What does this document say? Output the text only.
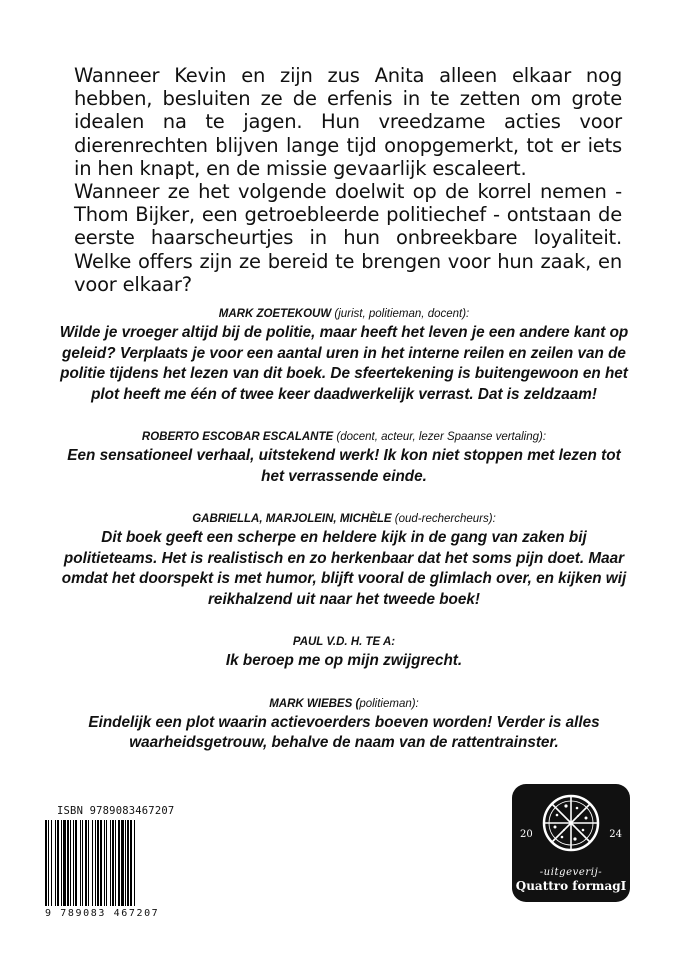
Wanneer Kevin en zijn zus Anita alleen elkaar nog hebben, besluiten ze de erfenis in te zetten om grote idealen na te jagen. Hun vreedzame acties voor dierenrechten blijven lange tijd onopgemerkt, tot er iets in hen knapt, en de missie gevaarlijk escaleert.

Wanneer ze het volgende doelwit op de korrel nemen - Thom Bijker, een getroebleerde politiechef - ontstaan de eerste haarscheurtjes in hun onbreekbare loyaliteit. Welke offers zijn ze bereid te brengen voor hun zaak, en voor elkaar?

MARK ZOETEKOUW (jurist, politieman, docent):
Wilde je vroeger altijd bij de politie, maar heeft het leven je een andere kant op geleid? Verplaats je voor een aantal uren in het interne reilen en zeilen van de politie tijdens het lezen van dit boek. De sfeertekening is buitengewoon en het plot heeft me één of twee keer daadwerkelijk verrast. Dat is zeldzaam!
ROBERTO ESCOBAR ESCALANTE (docent, acteur, lezer Spaanse vertaling):
Een sensationeel verhaal, uitstekend werk! Ik kon niet stoppen met lezen tot het verrassende einde.
GABRIELLA, MARJOLEIN, MICHÈLE (oud-rechercheurs):
Dit boek geeft een scherpe en heldere kijk in de gang van zaken bij politieteams. Het is realistisch en zo herkenbaar dat het soms pijn doet. Maar omdat het doorspekt is met humor, blijft vooral de glimlach over, en kijken wij reikhalzend uit naar het tweede boek!
PAUL V.D. H. TE A:
Ik beroep me op mijn zwijgrecht.
MARK WIEBES (politieman):
Eindelijk een plot waarin actievoerders boeven worden! Verder is alles waarheidsgetrouw, behalve de naam van de rattentrainster.
ISBN 9789083467207
9 789083 467207
20	24
-uitgeverij-
Quattro formagI
